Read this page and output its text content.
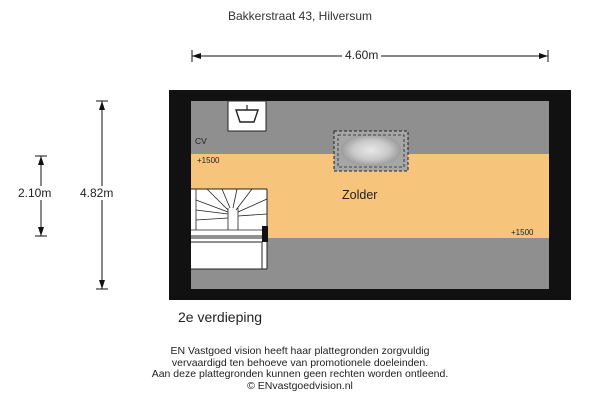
Bakkerstraat 43, Hilversum
4.60m
4.82m
2.10m
CV
+1500
+1500
Zolder
2e verdieping
EN Vastgoed vision heeft haar plattegronden zorgvuldig
vervaardigd ten behoeve van promotionele doeleinden.
Aan deze plattegronden kunnen geen rechten worden ontleend.
© ENvastgoedvision.nl
